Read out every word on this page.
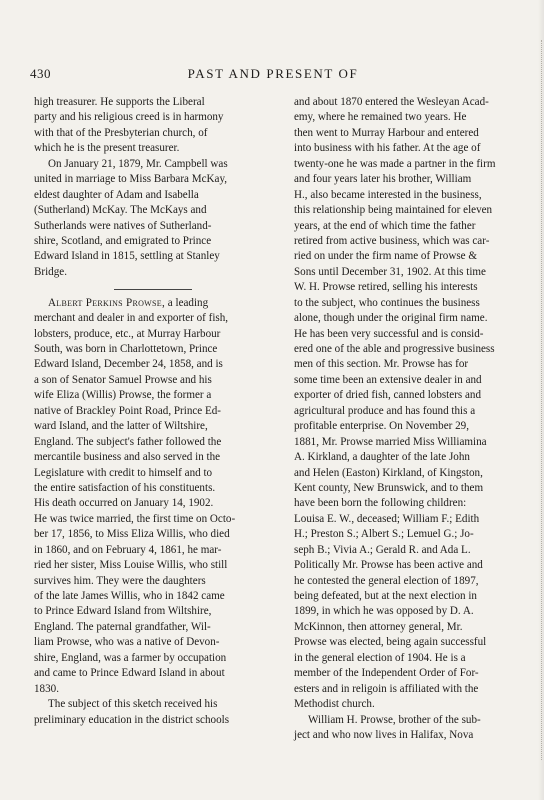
430	PAST AND PRESENT OF
high treasurer. He supports the Liberal
party and his religious creed is in harmony
with that of the Presbyterian church, of
which he is the present treasurer.
On January 21, 1879, Mr. Campbell was
united in marriage to Miss Barbara McKay,
eldest daughter of Adam and Isabella
(Sutherland) McKay. The McKays and
Sutherlands were natives of Sutherland-
shire, Scotland, and emigrated to Prince
Edward Island in 1815, settling at Stanley
Bridge.
Albert Perkins Prowse, a leading
merchant and dealer in and exporter of fish,
lobsters, produce, etc., at Murray Harbour
South, was born in Charlottetown, Prince
Edward Island, December 24, 1858, and is
a son of Senator Samuel Prowse and his
wife Eliza (Willis) Prowse, the former a
native of Brackley Point Road, Prince Ed-
ward Island, and the latter of Wiltshire,
England. The subject's father followed the
mercantile business and also served in the
Legislature with credit to himself and to
the entire satisfaction of his constituents.
His death occurred on January 14, 1902.
He was twice married, the first time on Octo-
ber 17, 1856, to Miss Eliza Willis, who died
in 1860, and on February 4, 1861, he mar-
ried her sister, Miss Louise Willis, who still
survives him. They were the daughters
of the late James Willis, who in 1842 came
to Prince Edward Island from Wiltshire,
England. The paternal grandfather, Wil-
liam Prowse, who was a native of Devon-
shire, England, was a farmer by occupation
and came to Prince Edward Island in about
1830.
The subject of this sketch received his
preliminary education in the district schools
and about 1870 entered the Wesleyan Acad-
emy, where he remained two years. He
then went to Murray Harbour and entered
into business with his father. At the age of
twenty-one he was made a partner in the firm
and four years later his brother, William
H., also became interested in the business,
this relationship being maintained for eleven
years, at the end of which time the father
retired from active business, which was car-
ried on under the firm name of Prowse &
Sons until December 31, 1902. At this time
W. H. Prowse retired, selling his interests
to the subject, who continues the business
alone, though under the original firm name.
He has been very successful and is consid-
ered one of the able and progressive business
men of this section. Mr. Prowse has for
some time been an extensive dealer in and
exporter of dried fish, canned lobsters and
agricultural produce and has found this a
profitable enterprise. On November 29,
1881, Mr. Prowse married Miss Williamina
A. Kirkland, a daughter of the late John
and Helen (Easton) Kirkland, of Kingston,
Kent county, New Brunswick, and to them
have been born the following children:
Louisa E. W., deceased; William F.; Edith
H.; Preston S.; Albert S.; Lemuel G.; Jo-
seph B.; Vivia A.; Gerald R. and Ada L.
Politically Mr. Prowse has been active and
he contested the general election of 1897,
being defeated, but at the next election in
1899, in which he was opposed by D. A.
McKinnon, then attorney general, Mr.
Prowse was elected, being again successful
in the general election of 1904. He is a
member of the Independent Order of For-
esters and in religoin is affiliated with the
Methodist church.
William H. Prowse, brother of the sub-
ject and who now lives in Halifax, Nova
